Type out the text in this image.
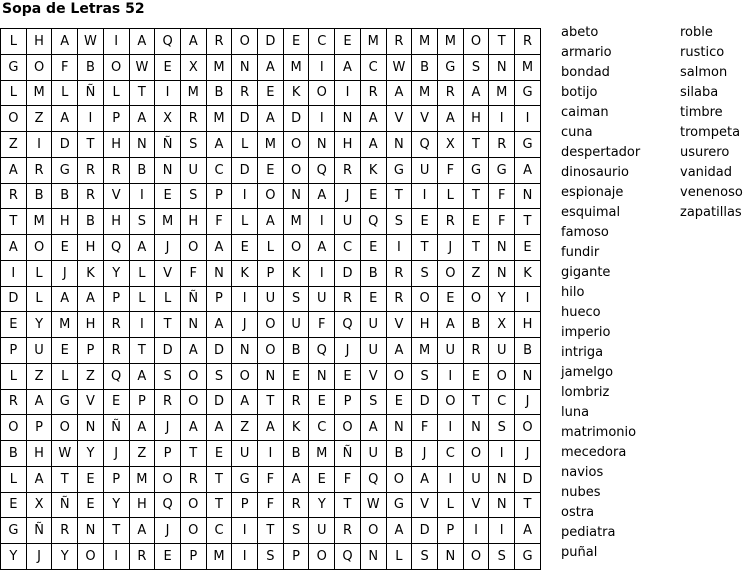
Sopa de Letras 52
L	H	A	W	I	A	Q	A	R	O	D	E	C	E	M	R	M	M	O	T	R
G	O	F	B	O	W	E	X	M	N	A	M	I	A	C	W	B	G	S	N	M
L	M	L	Ñ	L	T	I	M	B	R	E	K	O	I	R	A	M	R	A	M	G
O	Z	A	I	P	A	X	R	M	D	A	D	I	N	A	V	V	A	H	I	I
Z	I	D	T	H	N	Ñ	S	A	L	M	O	N	H	A	N	Q	X	T	R	G
A	R	G	R	R	B	N	U	C	D	E	O	Q	R	K	G	U	F	G	G	A
R	B	B	R	V	I	E	S	P	I	O	N	A	J	E	T	I	L	T	F	N
T	M	H	B	H	S	M	H	F	L	A	M	I	U	Q	S	E	R	E	F	T
A	O	E	H	Q	A	J	O	A	E	L	O	A	C	E	I	T	J	T	N	E
I	L	J	K	Y	L	V	F	N	K	P	K	I	D	B	R	S	O	Z	N	K
D	L	A	A	P	L	L	Ñ	P	I	U	S	U	R	E	R	O	E	O	Y	I
E	Y	M	H	R	I	T	N	A	J	O	U	F	Q	U	V	H	A	B	X	H
P	U	E	P	R	T	D	A	D	N	O	B	Q	J	U	A	M	U	R	U	B
L	Z	L	Z	Q	A	S	O	S	O	N	E	N	E	V	O	S	I	E	O	N
R	A	G	V	E	P	R	O	D	A	T	R	E	P	S	E	D	O	T	C	J
O	P	O	N	Ñ	A	J	A	A	Z	A	K	C	O	A	N	F	I	N	S	O
B	H	W	Y	J	Z	P	T	E	U	I	B	M	Ñ	U	B	J	C	O	I	J
L	A	T	E	P	M	O	R	T	G	F	A	E	F	Q	O	A	I	U	N	D
E	X	Ñ	E	Y	H	Q	O	T	P	F	R	Y	T	W	G	V	L	V	N	T
G	Ñ	R	N	T	A	J	O	C	I	T	S	U	R	O	A	D	P	I	I	A
Y	J	Y	O	I	R	E	P	M	I	S	P	O	Q	N	L	S	N	O	S	G
abeto
armario
bondad
botijo
caiman
cuna
despertador
dinosaurio
espionaje
esquimal
famoso
fundir
gigante
hilo
hueco
imperio
intriga
jamelgo
lombriz
luna
matrimonio
mecedora
navios
nubes
ostra
pediatra
puñal
roble
rustico
salmon
silaba
timbre
trompeta
usurero
vanidad
venenoso
zapatillas
